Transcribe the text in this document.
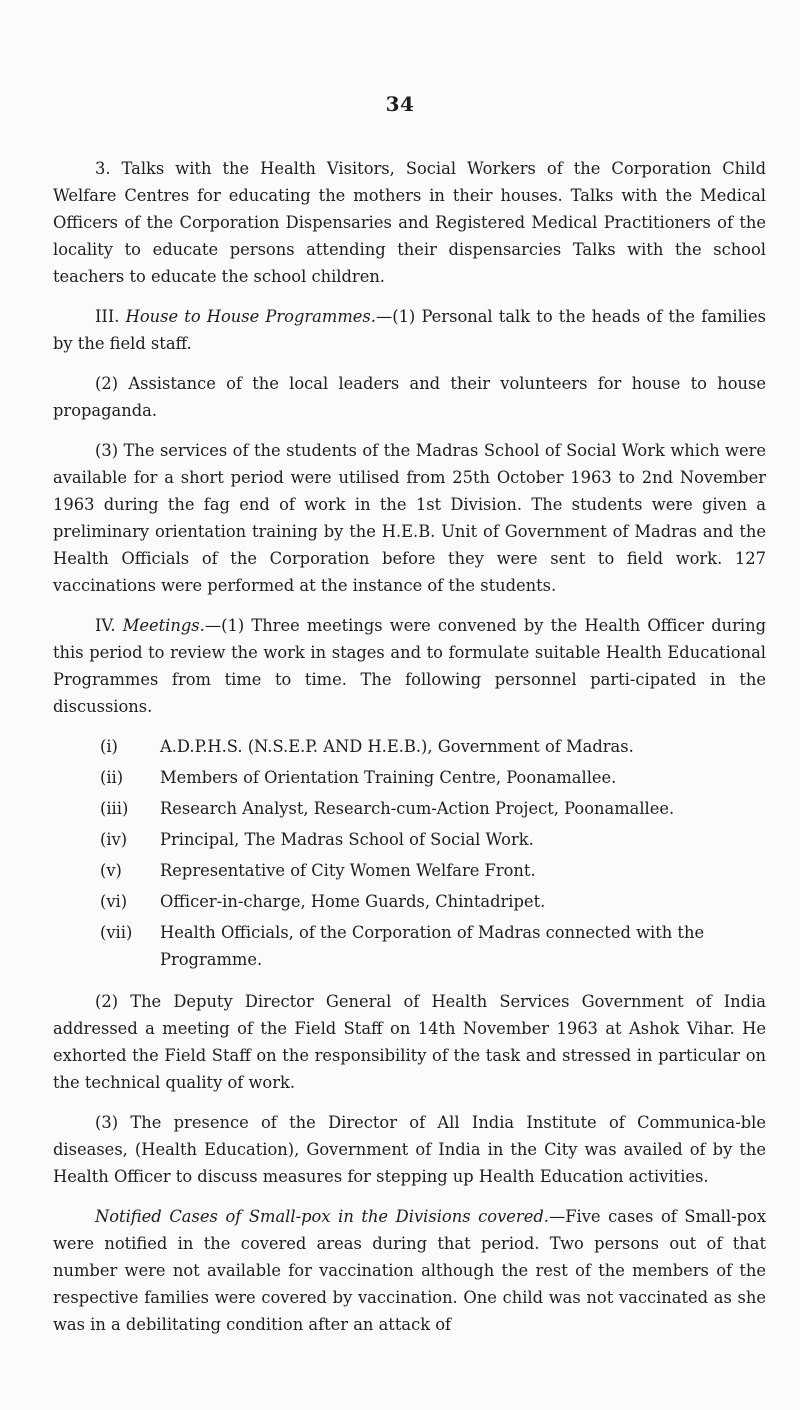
34

3. Talks with the Health Visitors, Social Workers of the Corporation Child Welfare Centres for educating the mothers in their houses. Talks with the Medical Officers of the Corporation Dispensaries and Registered Medical Practitioners of the locality to educate persons attending their dispensarcies Talks with the school teachers to educate the school children.

III. House to House Programmes.—(1) Personal talk to the heads of the families by the field staff.

(2) Assistance of the local leaders and their volunteers for house to house propaganda.

(3) The services of the students of the Madras School of Social Work which were available for a short period were utilised from 25th October 1963 to 2nd November 1963 during the fag end of work in the 1st Division. The students were given a preliminary orientation training by the H.E.B. Unit of Government of Madras and the Health Officials of the Corporation before they were sent to field work. 127 vaccinations were performed at the instance of the students.

IV. Meetings.—(1) Three meetings were convened by the Health Officer during this period to review the work in stages and to formulate suitable Health Educational Programmes from time to time. The following personnel parti-cipated in the discussions.

(i)	A.D.P.H.S. (N.S.E.P. AND H.E.B.), Government of Madras.
(ii)	Members of Orientation Training Centre, Poonamallee.
(iii)	Research Analyst, Research-cum-Action Project, Poonamallee.
(iv)	Principal, The Madras School of Social Work.
(v)	Representative of City Women Welfare Front.
(vi)	Officer-in-charge, Home Guards, Chintadripet.
(vii)	Health Officials, of the Corporation of Madras connected with the Programme.

(2) The Deputy Director General of Health Services Government of India addressed a meeting of the Field Staff on 14th November 1963 at Ashok Vihar. He exhorted the Field Staff on the responsibility of the task and stressed in particular on the technical quality of work.

(3) The presence of the Director of All India Institute of Communica-ble diseases, (Health Education), Government of India in the City was availed of by the Health Officer to discuss measures for stepping up Health Education activities.

Notified Cases of Small-pox in the Divisions covered.—Five cases of Small-pox were notified in the covered areas during that period. Two persons out of that number were not available for vaccination although the rest of the members of the respective families were covered by vaccination. One child was not vaccinated as she was in a debilitating condition after an attack of
